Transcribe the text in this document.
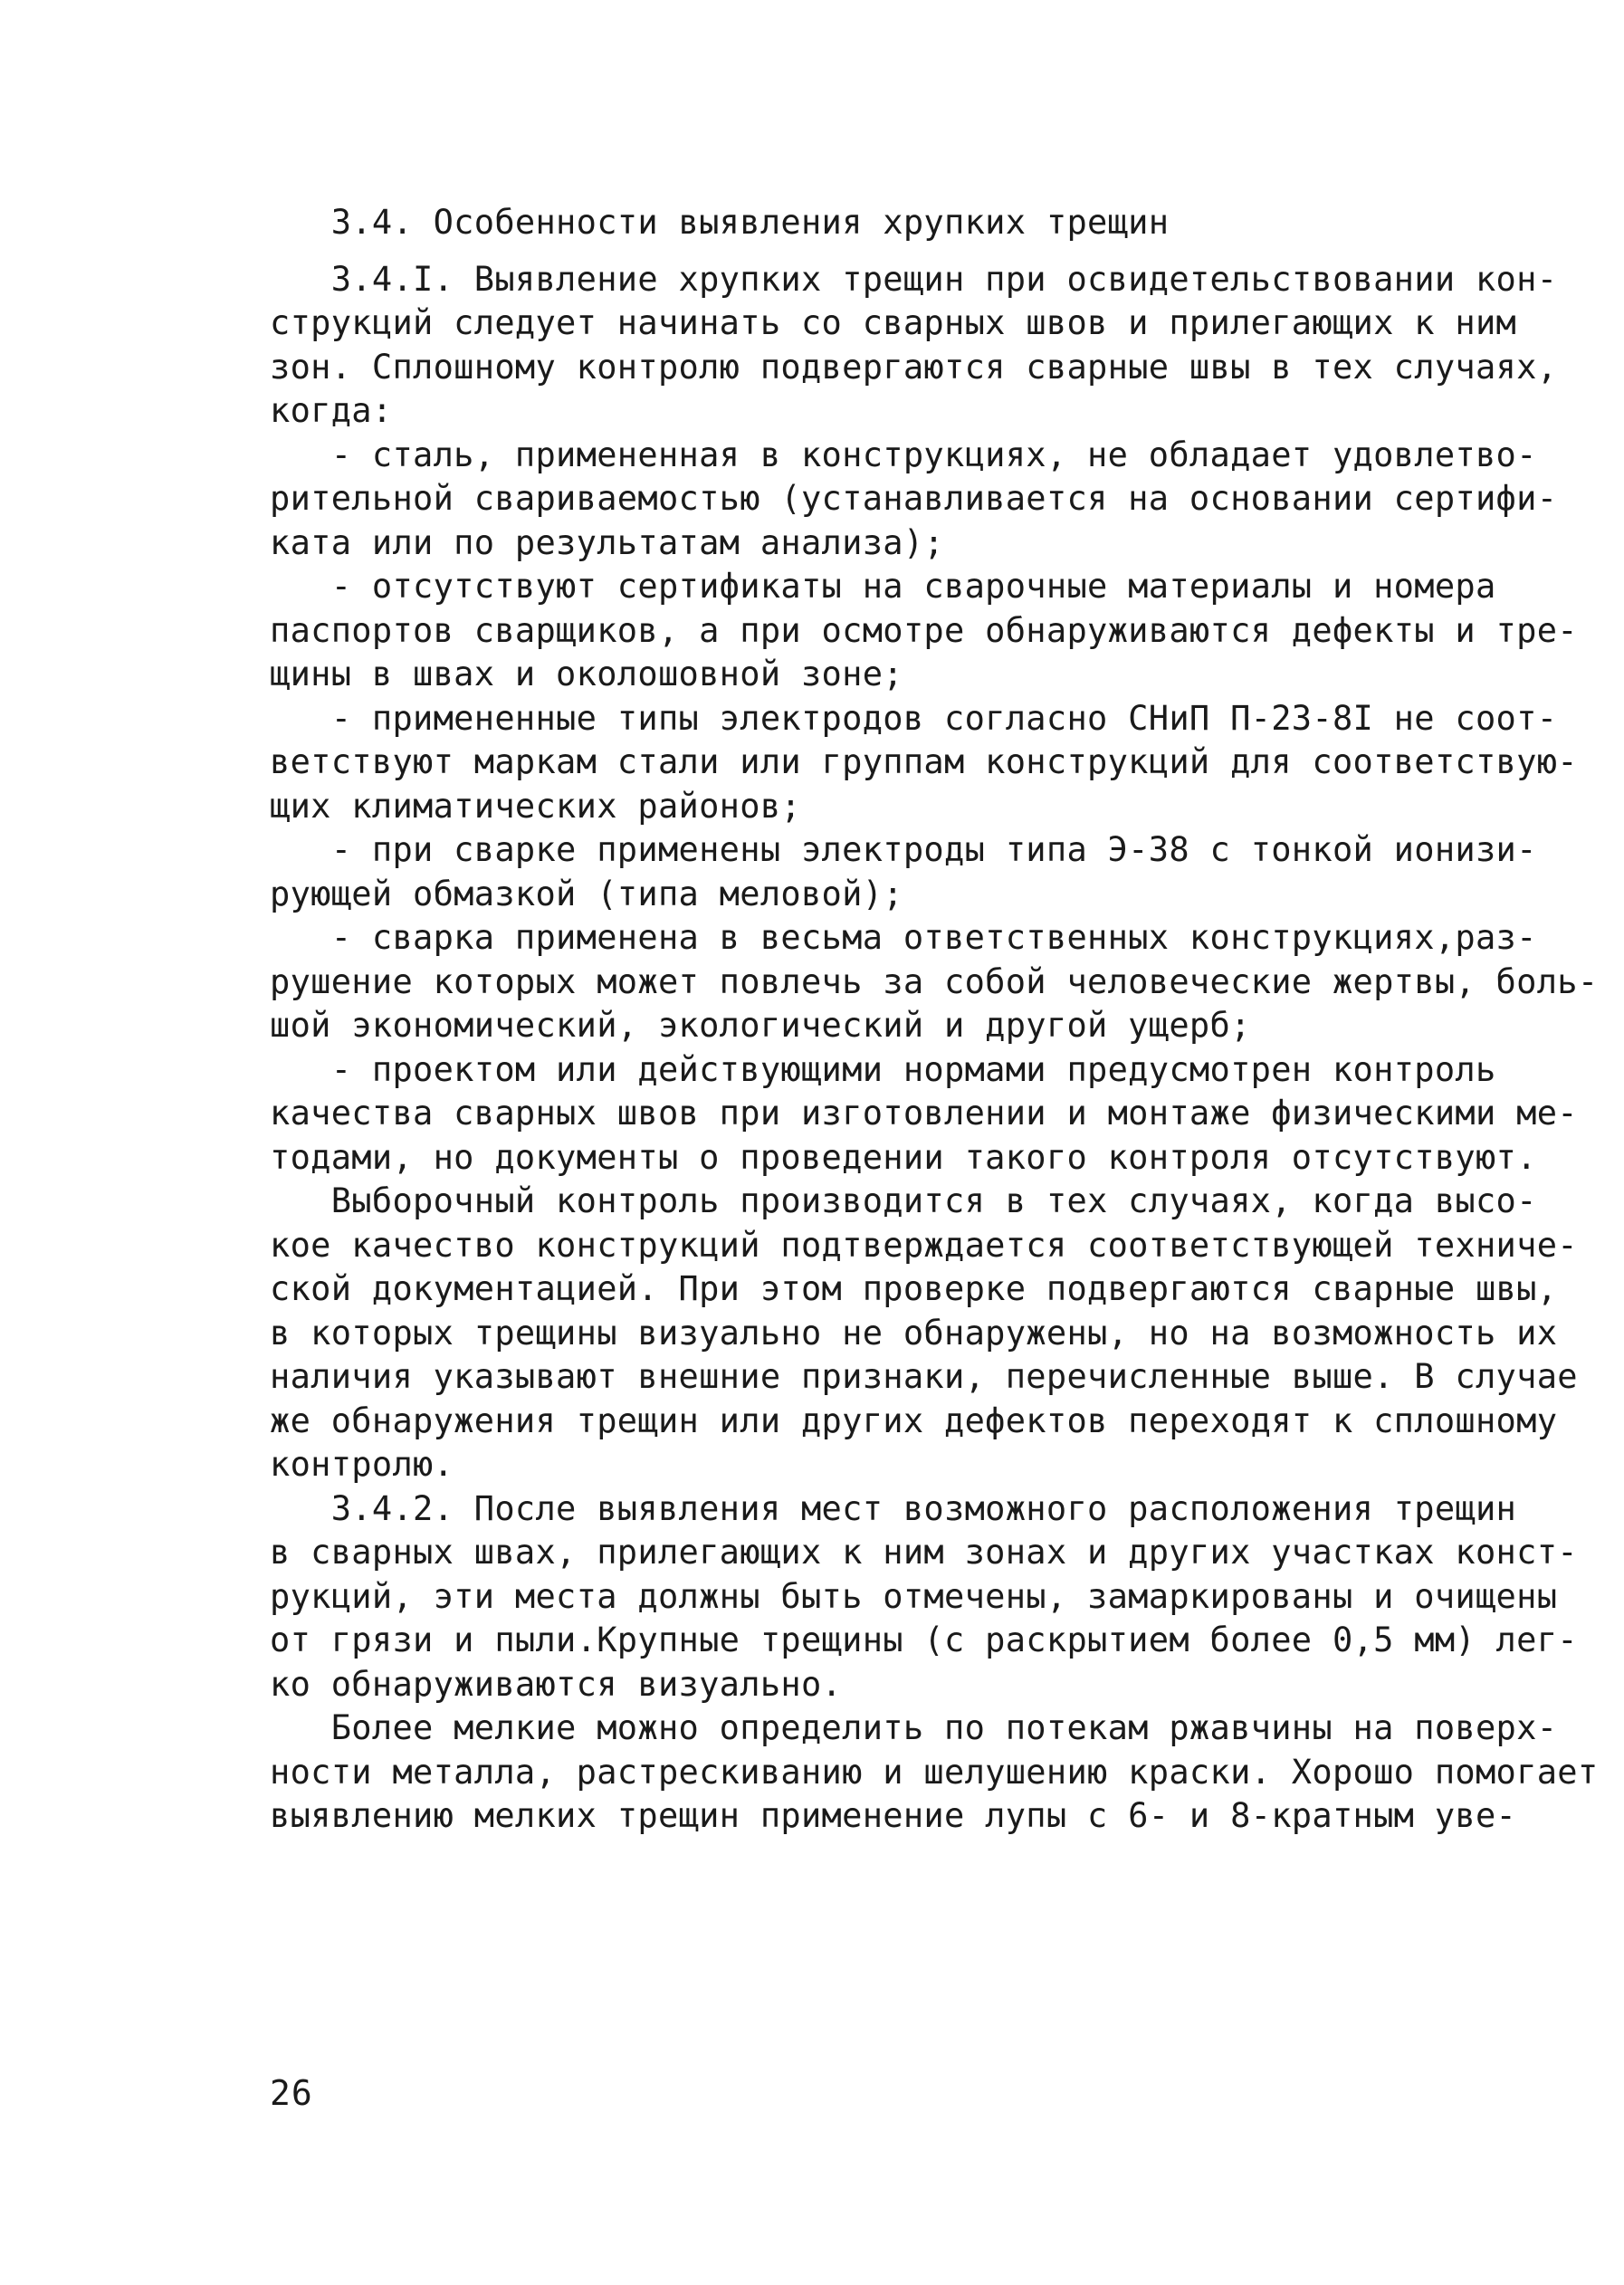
3.4. Особенности выявления хрупких трещин
3.4.I. Выявление хрупких трещин при освидетельствовании кон-
струкций следует начинать со сварных швов и прилегающих к ним
зон. Сплошному контролю подвергаются сварные швы в тех случаях,
когда:
- сталь, примененная в конструкциях, не обладает удовлетво-
рительной свариваемостью (устанавливается на основании сертифи-
ката или по результатам анализа);
- отсутствуют сертификаты на сварочные материалы и номера
паспортов сварщиков, а при осмотре обнаруживаются дефекты и тре-
щины в швах и околошовной зоне;
- примененные типы электродов согласно СНиП П-23-8I не соот-
ветствуют маркам стали или группам конструкций для соответствую-
щих климатических районов;
- при сварке применены электроды типа Э-38 с тонкой ионизи-
рующей обмазкой (типа меловой);
- сварка применена в весьма ответственных конструкциях,раз-
рушение которых может повлечь за собой человеческие жертвы, боль-
шой экономический, экологический и другой ущерб;
- проектом или действующими нормами предусмотрен контроль
качества сварных швов при изготовлении и монтаже физическими ме-
тодами, но документы о проведении такого контроля отсутствуют.
Выборочный контроль производится в тех случаях, когда высо-
кое качество конструкций подтверждается соответствующей техниче-
ской документацией. При этом проверке подвергаются сварные швы,
в которых трещины визуально не обнаружены, но на возможность их
наличия указывают внешние признаки, перечисленные выше. В случае
же обнаружения трещин или других дефектов переходят к сплошному
контролю.
3.4.2. После выявления мест возможного расположения трещин
в сварных швах, прилегающих к ним зонах и других участках конст-
рукций, эти места должны быть отмечены, замаркированы и очищены
от грязи и пыли.Крупные трещины (с раскрытием более 0,5 мм) лег-
ко обнаруживаются визуально.
Более мелкие можно определить по потекам ржавчины на поверх-
ности металла, растрескиванию и шелушению краски. Хорошо помогает
выявлению мелких трещин применение лупы с 6- и 8-кратным уве-
26
